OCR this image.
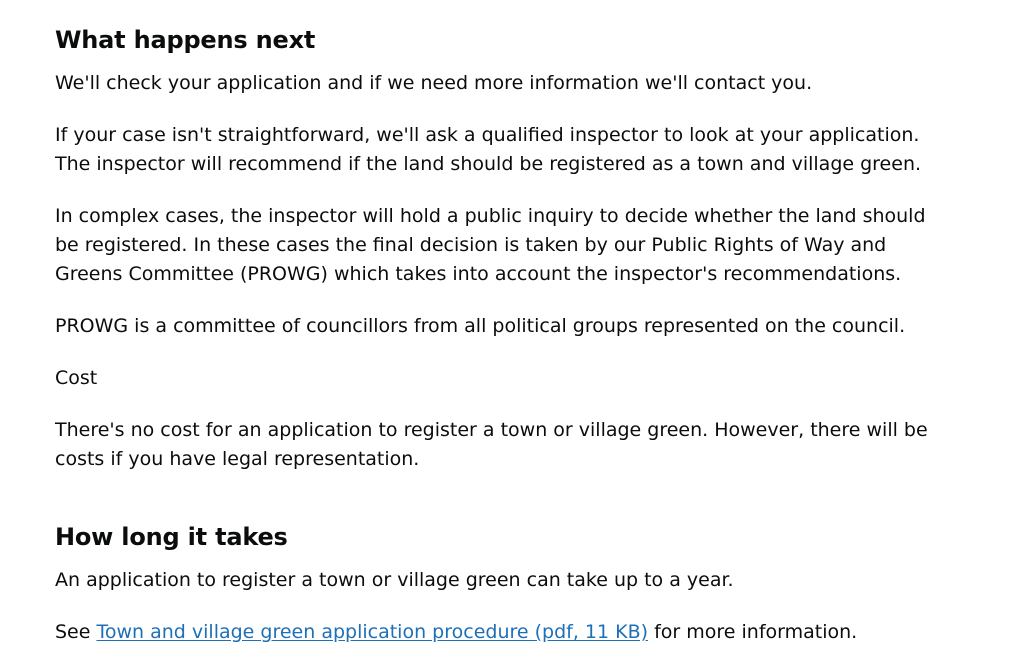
What happens next

We'll check your application and if we need more information we'll contact you.

If your case isn't straightforward, we'll ask a qualified inspector to look at your application. The inspector will recommend if the land should be registered as a town and village green.

In complex cases, the inspector will hold a public inquiry to decide whether the land should be registered. In these cases the final decision is taken by our Public Rights of Way and Greens Committee (PROWG) which takes into account the inspector's recommendations.

PROWG is a committee of councillors from all political groups represented on the council.

Cost

There's no cost for an application to register a town or village green. However, there will be costs if you have legal representation.

How long it takes

An application to register a town or village green can take up to a year.

See Town and village green application procedure (pdf, 11 KB) for more information.
